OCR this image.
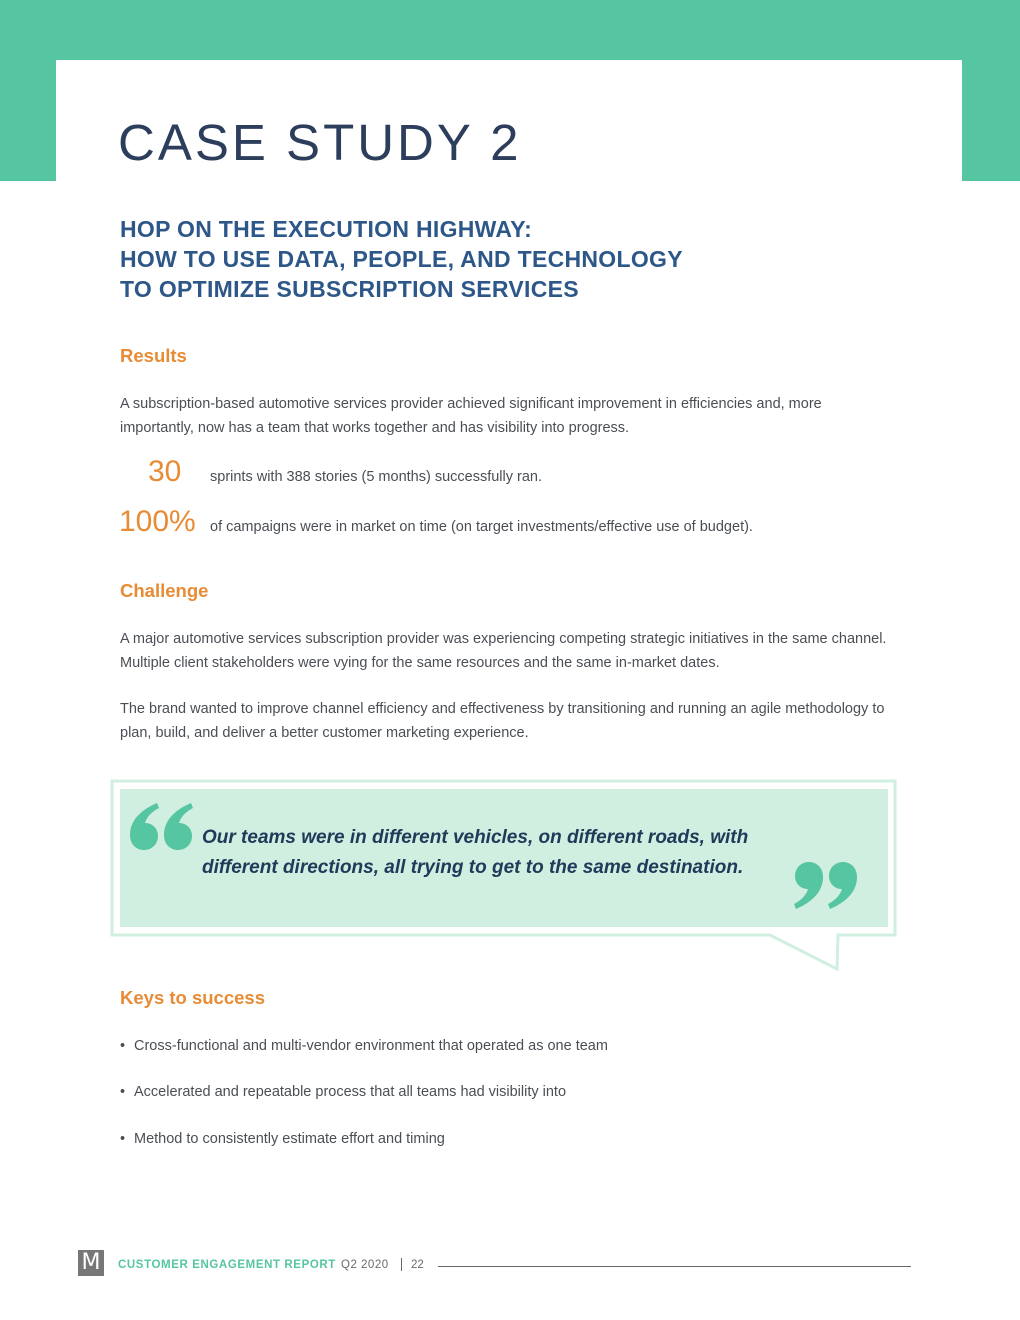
CASE STUDY 2
HOP ON THE EXECUTION HIGHWAY:
HOW TO USE DATA, PEOPLE, AND TECHNOLOGY
TO OPTIMIZE SUBSCRIPTION SERVICES
Results

A subscription-based automotive services provider achieved significant improvement in efficiencies and, more importantly, now has a team that works together and has visibility into progress.

30 sprints with 388 stories (5 months) successfully ran.
100% of campaigns were in market on time (on target investments/effective use of budget).
Challenge

A major automotive services subscription provider was experiencing competing strategic initiatives in the same channel. Multiple client stakeholders were vying for the same resources and the same in-market dates.

The brand wanted to improve channel efficiency and effectiveness by transitioning and running an agile methodology to plan, build, and deliver a better customer marketing experience.

Our teams were in different vehicles, on different roads, with
different directions, all trying to get to the same destination.

Keys to success
• Cross-functional and multi-vendor environment that operated as one team
• Accelerated and repeatable process that all teams had visibility into
• Method to consistently estimate effort and timing
M	CUSTOMER ENGAGEMENT REPORT Q2 2020 22
